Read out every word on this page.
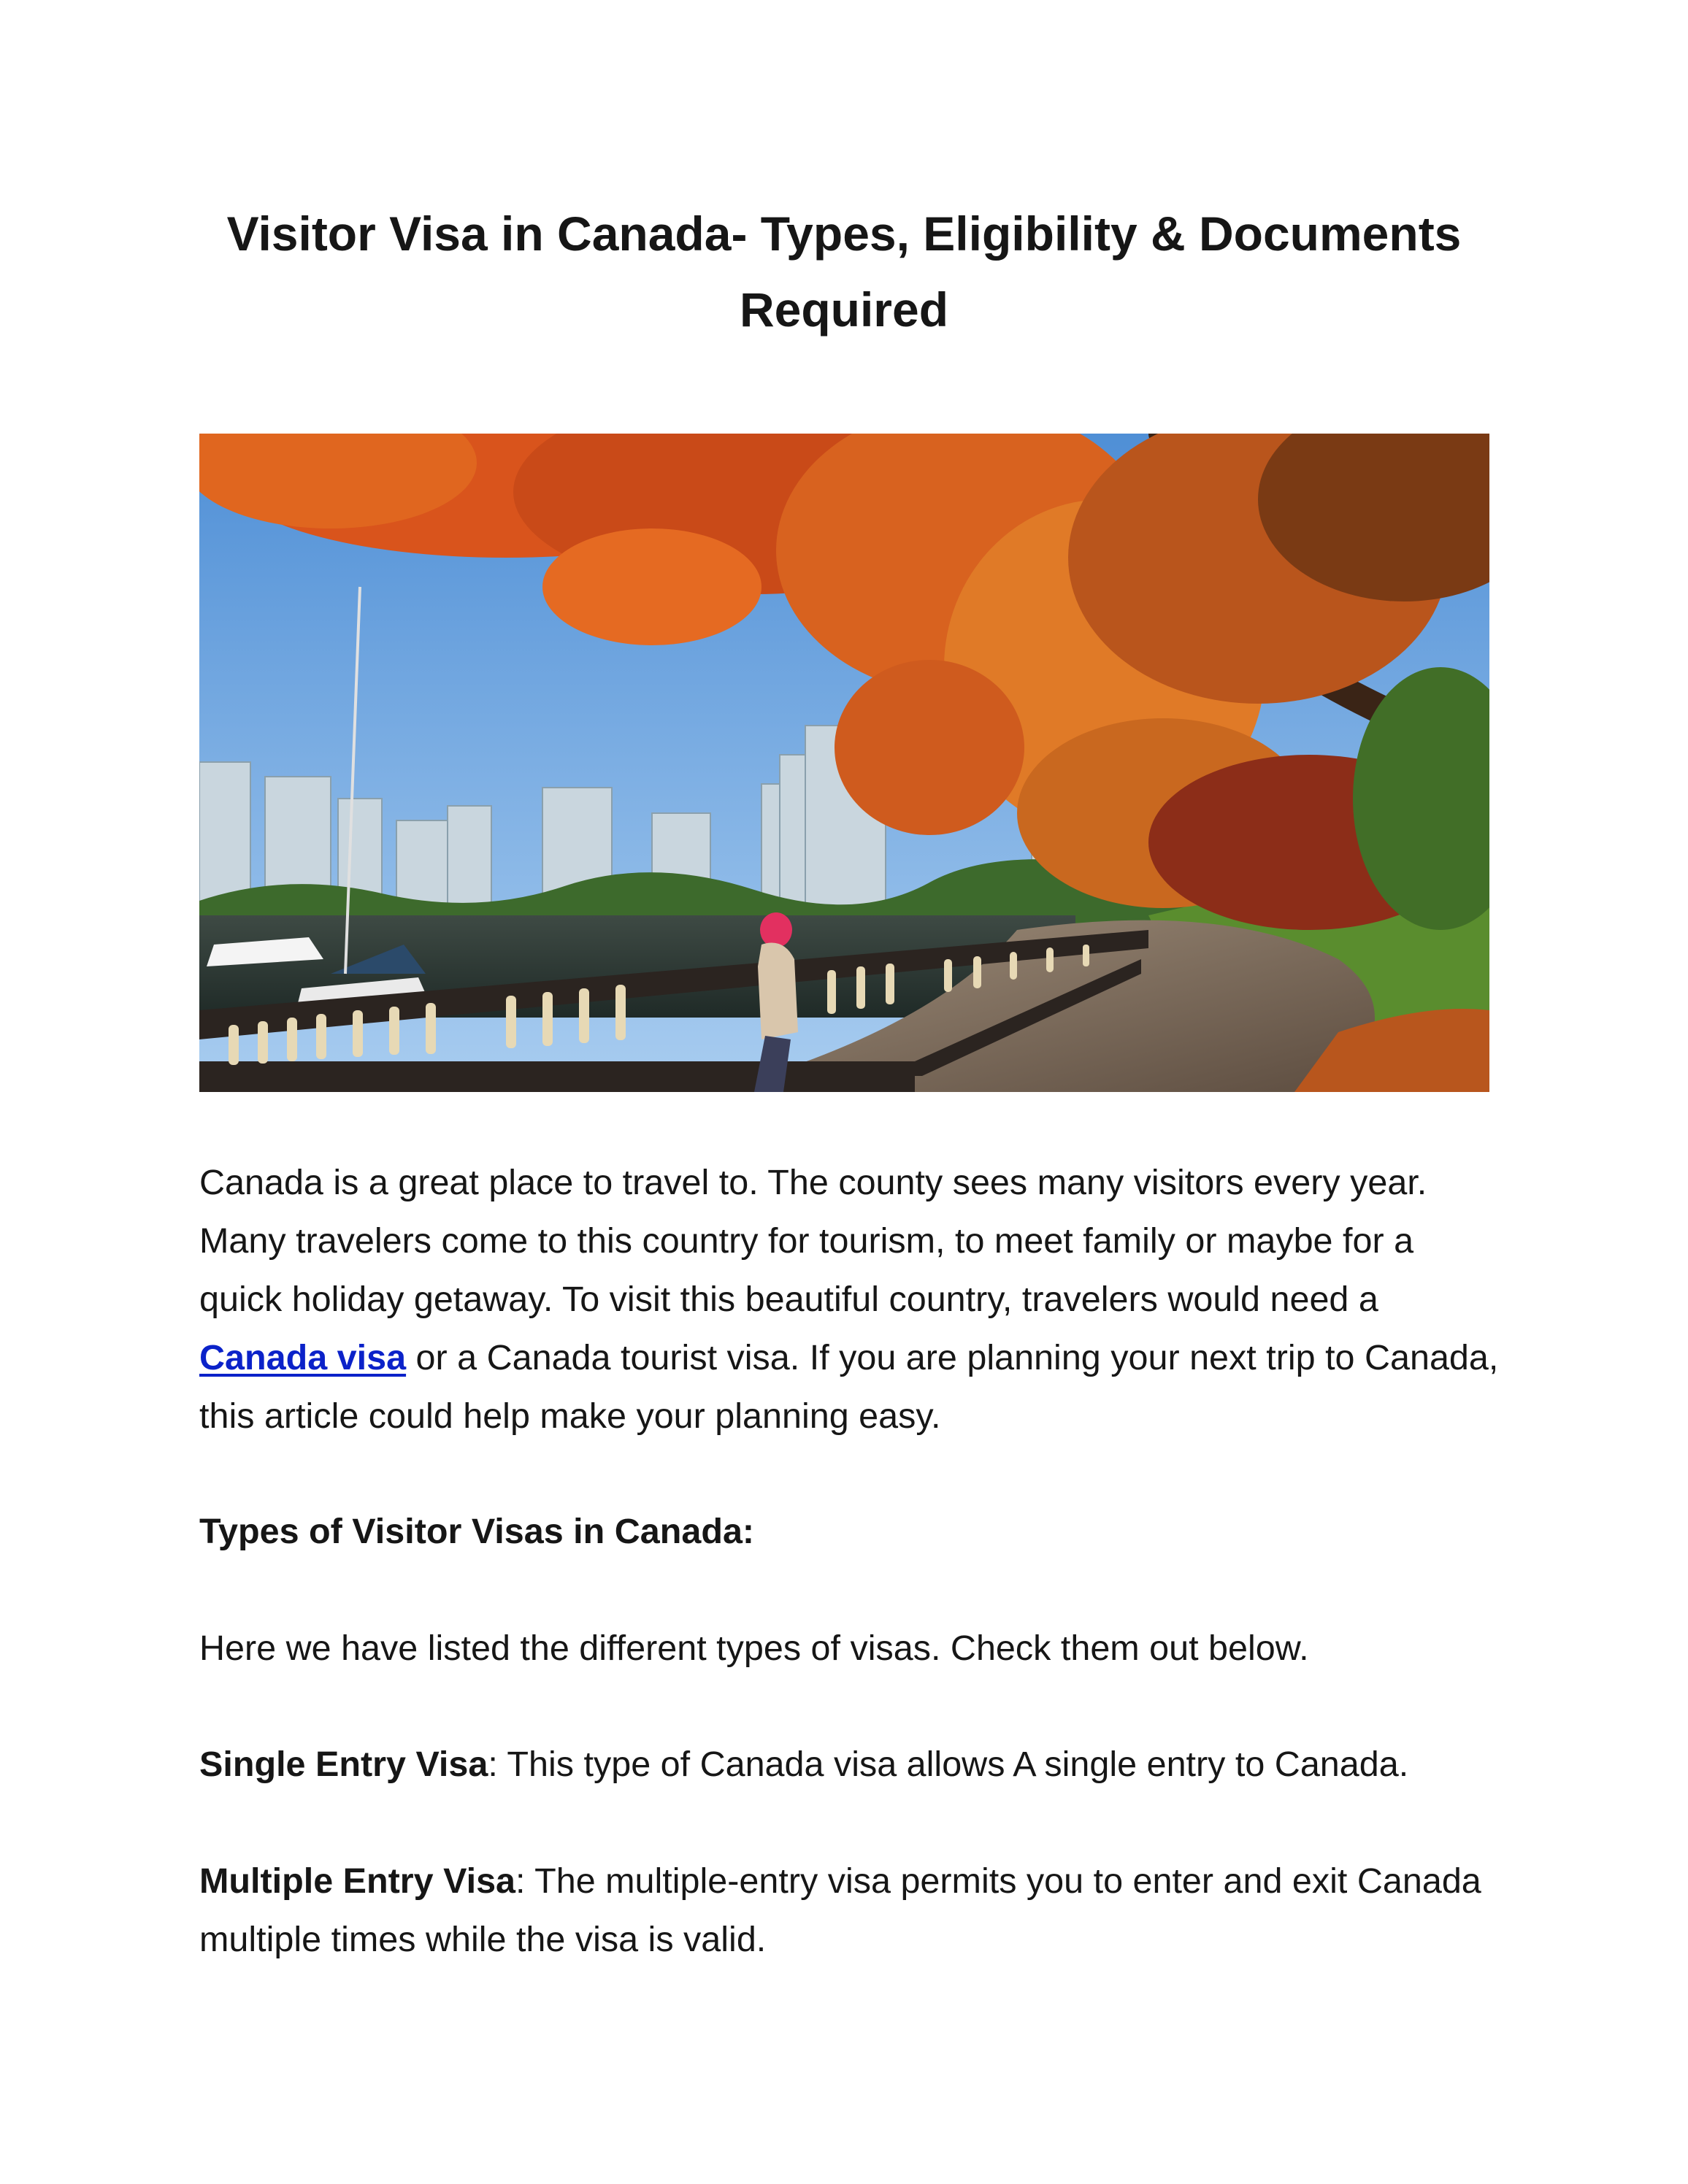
Visitor Visa in Canada- Types, Eligibility & Documents
Required

Canada is a great place to travel to. The county sees many visitors every year. Many travelers come to this country for tourism, to meet family or maybe for a quick holiday getaway. To visit this beautiful country, travelers would need a Canada visa or a Canada tourist visa. If you are planning your next trip to Canada, this article could help make your planning easy.

Types of Visitor Visas in Canada:

Here we have listed the different types of visas. Check them out below.

Single Entry Visa: This type of Canada visa allows A single entry to Canada.

Multiple Entry Visa: The multiple-entry visa permits you to enter and exit Canada multiple times while the visa is valid.
